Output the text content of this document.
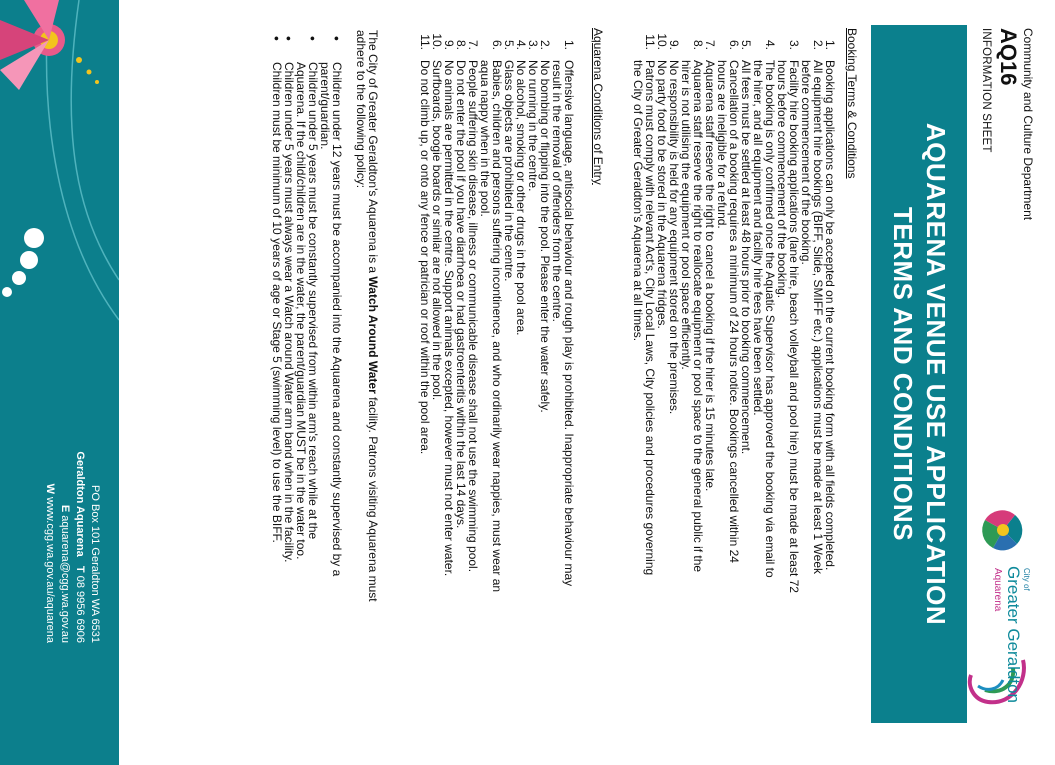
Community and Culture Department
AQ16
INFORMATION SHEET
City of
Greater Geraldton
Aquarena
AQUARENA VENUE USE APPLICATION
TERMS AND CONDITIONS
Booking Terms & Conditions
1.
Booking applications can only be accepted on the current booking form with all fields completed.
2.
All equipment hire bookings (BIFF, Slide, SMIFF etc.) applications must be made at least 1 Week
before commencement of the booking.
3.
Facility hire booking applications (lane hire, beach volleyball and pool hire) must be made at least 72
hours before commencement of the booking.
4.
The booking is only confirmed once the Aquatic Supervisor has approved the booking via email to
the hirer, and all equipment and facility hire fees have been settled.
5.
All fees must be settled at least 48 hours prior to booking commencement.
6.
Cancellation of a booking requires a minimum of 24 hours notice. Bookings cancelled within 24
hours are ineligible for a refund.
7.
Aquarena staff reserve the right to cancel a booking if the hirer is 15 minutes late.
8.
Aquarena staff reserve the right to reallocate equipment or pool space to the general public if the
hirer is not utilising the equipment or pool space efficiently.
9.
No responsibility is held for any equipment stored on the premises.
10.
No party food to be stored in the Aquarena fridges.
11.
Patrons must comply with relevant Act's, City Local Laws, City policies and procedures governing
the City of Greater Geraldton's Aquarena at all times.
Aquarena Conditions of Entry
1.
Offensive language, antisocial behaviour and rough play is prohibited. Inappropriate behaviour may
result in the removal of offenders from the centre.
2.
No bombing or flipping into the pool. Please enter the water safely.
3.
No running in the centre.
4.
No alcohol, smoking or other drugs in the pool area.
5.
Glass objects are prohibited in the centre.
6.
Babies, children and persons suffering incontinence, and who ordinarily wear nappies, must wear an
aqua nappy when in the pool.
7.
People suffering skin disease, illness or communicable disease shall not use the swimming pool.
8.
Do not enter the pool if you have diarrhoea or had gastroenteritis within the last 14 days.
9.
No animals are permitted in the centre. Support animals excepted, however must not enter water.
10.
Surfboards, boogie boards or similar are not allowed in the pool.
11.
Do not climb up, or onto any fence or patrician or roof within the pool area.
The City of Greater Geraldton's Aquarena is a Watch Around Water facility. Patrons visiting Aquarena must
adhere to the following policy:
•
Children under 12 years must be accompanied into the Aquarena and constantly supervised by a
parent/guardian.
•
Children under 5 years must be constantly supervised from within arm's reach while at the
Aquarena. If the child/children are in the water, the parent/guardian MUST be in the water too.
•
Children under 5 years must always wear a Watch around Water arm band when in the facility.
•
Children must be minimum of 10 years of age or Stage 5 (swimming level) to use the BIFF.
PO Box 101 Geraldton WA 6531
Geraldton Aquarena   T 08 9956 6906
E aquarena@cgg.wa.gov.au
W www.cgg.wa.gov.au/aquarena
